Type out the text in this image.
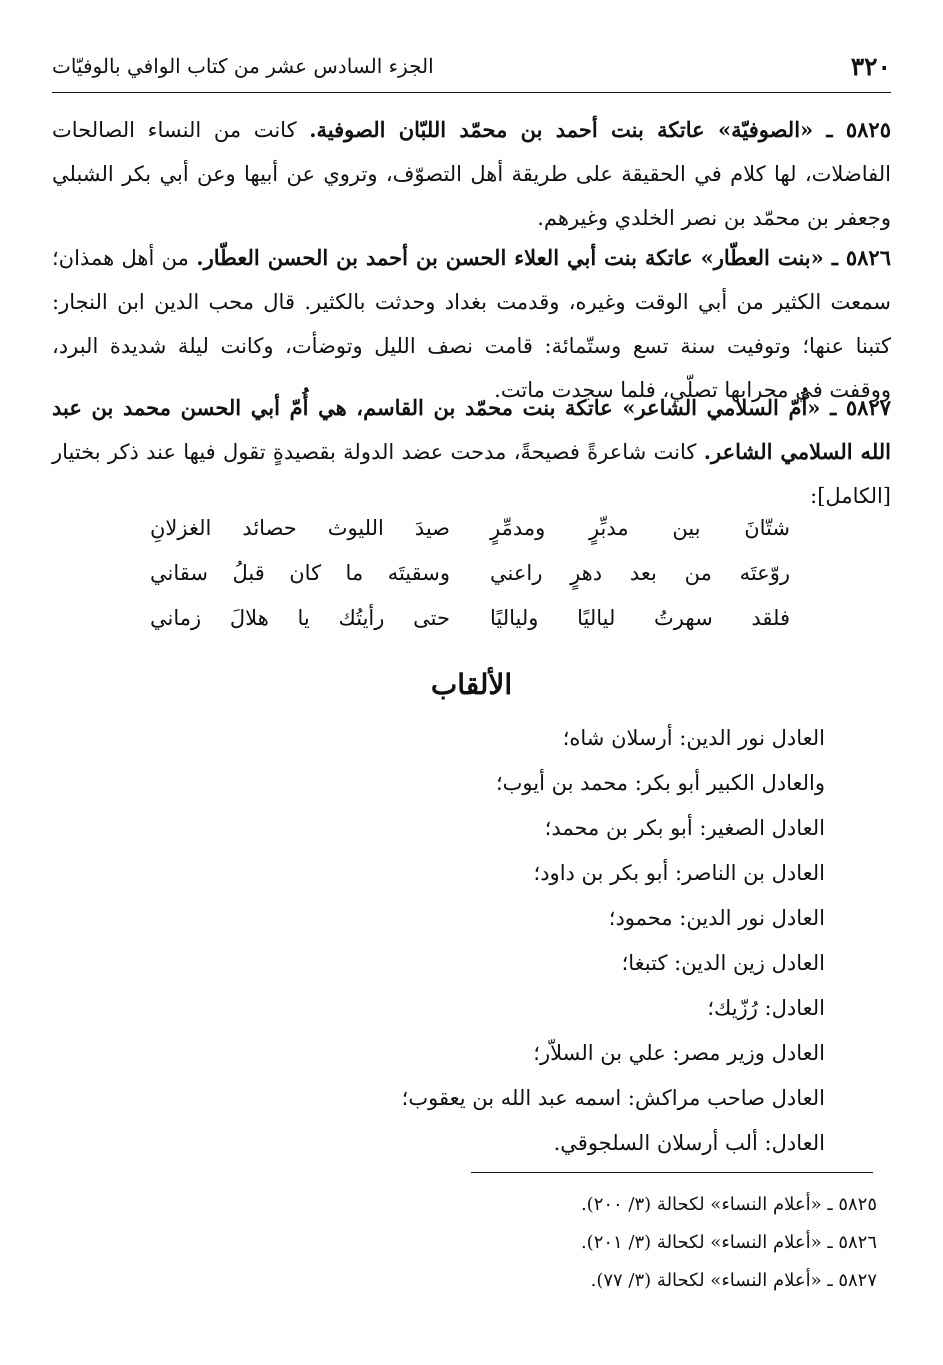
٣٢٠
الجزء السادس عشر من كتاب الوافي بالوفيّات

٥٨٢٥ ـ «الصوفيّة» عاتكة بنت أحمد بن محمّد اللبّان الصوفية. كانت من النساء الصالحات الفاضلات، لها كلام في الحقيقة على طريقة أهل التصوّف، وتروي عن أبيها وعن أبي بكر الشبلي وجعفر بن محمّد بن نصر الخلدي وغيرهم.

٥٨٢٦ ـ «بنت العطّار» عاتكة بنت أبي العلاء الحسن بن أحمد بن الحسن العطّار. من أهل همذان؛ سمعت الكثير من أبي الوقت وغيره، وقدمت بغداد وحدثت بالكثير. قال محب الدين ابن النجار: كتبنا عنها؛ وتوفيت سنة تسع وستّمائة: قامت نصف الليل وتوضأت، وكانت ليلة شديدة البرد، ووقفت في محرابها تصلّي، فلما سجدت ماتت.

٥٨٢٧ ـ «أُمّ السلامي الشاعر» عاتكة بنت محمّد بن القاسم، هي أُمّ أبي الحسن محمد بن عبد الله السلامي الشاعر. كانت شاعرةً فصيحةً، مدحت عضد الدولة بقصيدةٍ تقول فيها عند ذكر بختيار [الكامل]:

شتّانَ بين مدبِّرٍ ومدمِّرٍ
صيدَ الليوث حصائد الغزلانِ
روّعتَه من بعد دهرٍ راعني
وسقيتَه ما كان قبلُ سقاني
فلقد سهرتُ لياليًا ولياليًا
حتى رأيتُك يا هلالَ زماني
الألقاب
العادل نور الدين: أرسلان شاه؛
والعادل الكبير أبو بكر: محمد بن أيوب؛
العادل الصغير: أبو بكر بن محمد؛
العادل بن الناصر: أبو بكر بن داود؛
العادل نور الدين: محمود؛
العادل زين الدين: كتبغا؛
العادل: رُزّيك؛
العادل وزير مصر: علي بن السلاّر؛
العادل صاحب مراكش: اسمه عبد الله بن يعقوب؛
العادل: ألب أرسلان السلجوقي.
٥٨٢٥ ـ «أعلام النساء» لكحالة (٣/ ٢٠٠).
٥٨٢٦ ـ «أعلام النساء» لكحالة (٣/ ٢٠١).
٥٨٢٧ ـ «أعلام النساء» لكحالة (٣/ ٧٧).
